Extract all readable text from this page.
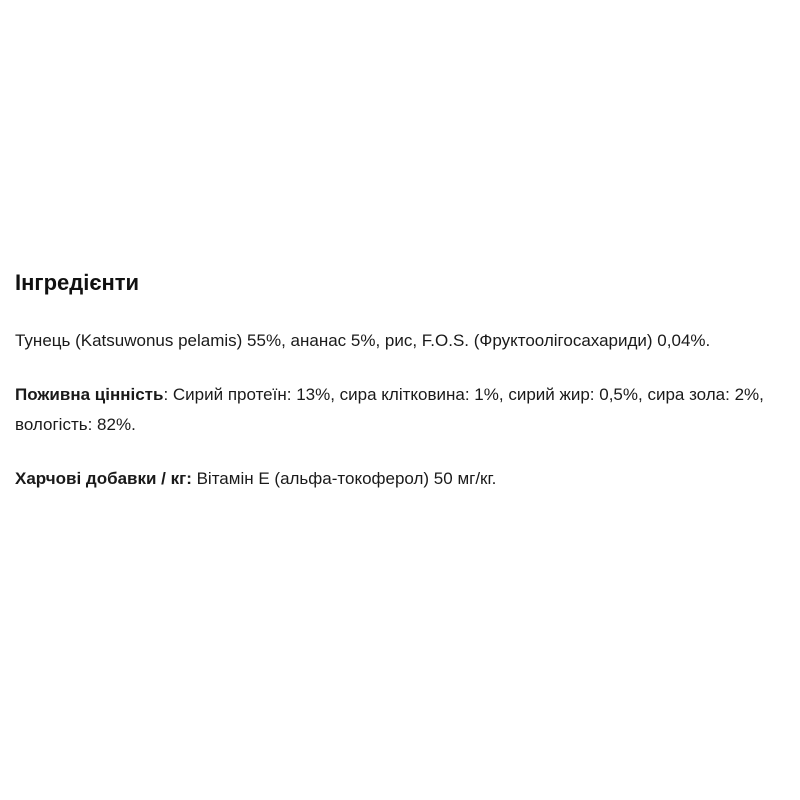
Інгредієнти

Тунець (Katsuwonus pelamis) 55%, ананас 5%, рис, F.O.S. (Фруктоолігосахариди) 0,04%.

Поживна цінність: Сирий протеїн: 13%, сира клітковина: 1%, сирий жир: 0,5%, сира зола: 2%, вологість: 82%.

Харчові добавки / кг: Вітамін E (альфа-токоферол) 50 мг/кг.
